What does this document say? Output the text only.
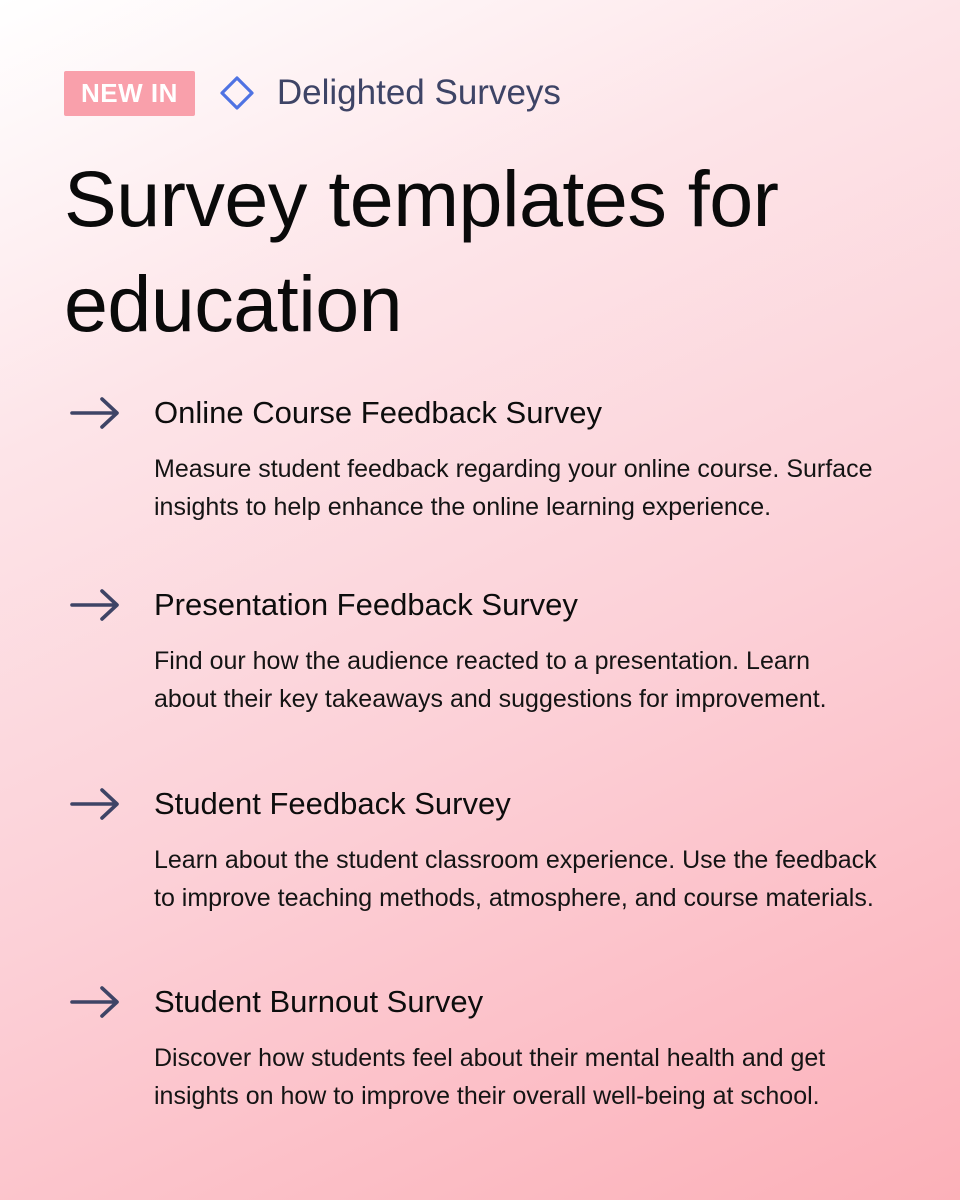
NEW IN	Delighted Surveys
Survey templates for education
Online Course Feedback Survey

Measure student feedback regarding your online course. Surface insights to help enhance the online learning experience.

Presentation Feedback Survey

Find our how the audience reacted to a presentation. Learn about their key takeaways and suggestions for improvement.

Student Feedback Survey

Learn about the student classroom experience. Use the feedback to improve teaching methods, atmosphere, and course materials.

Student Burnout Survey

Discover how students feel about their mental health and get insights on how to improve their overall well-being at school.
